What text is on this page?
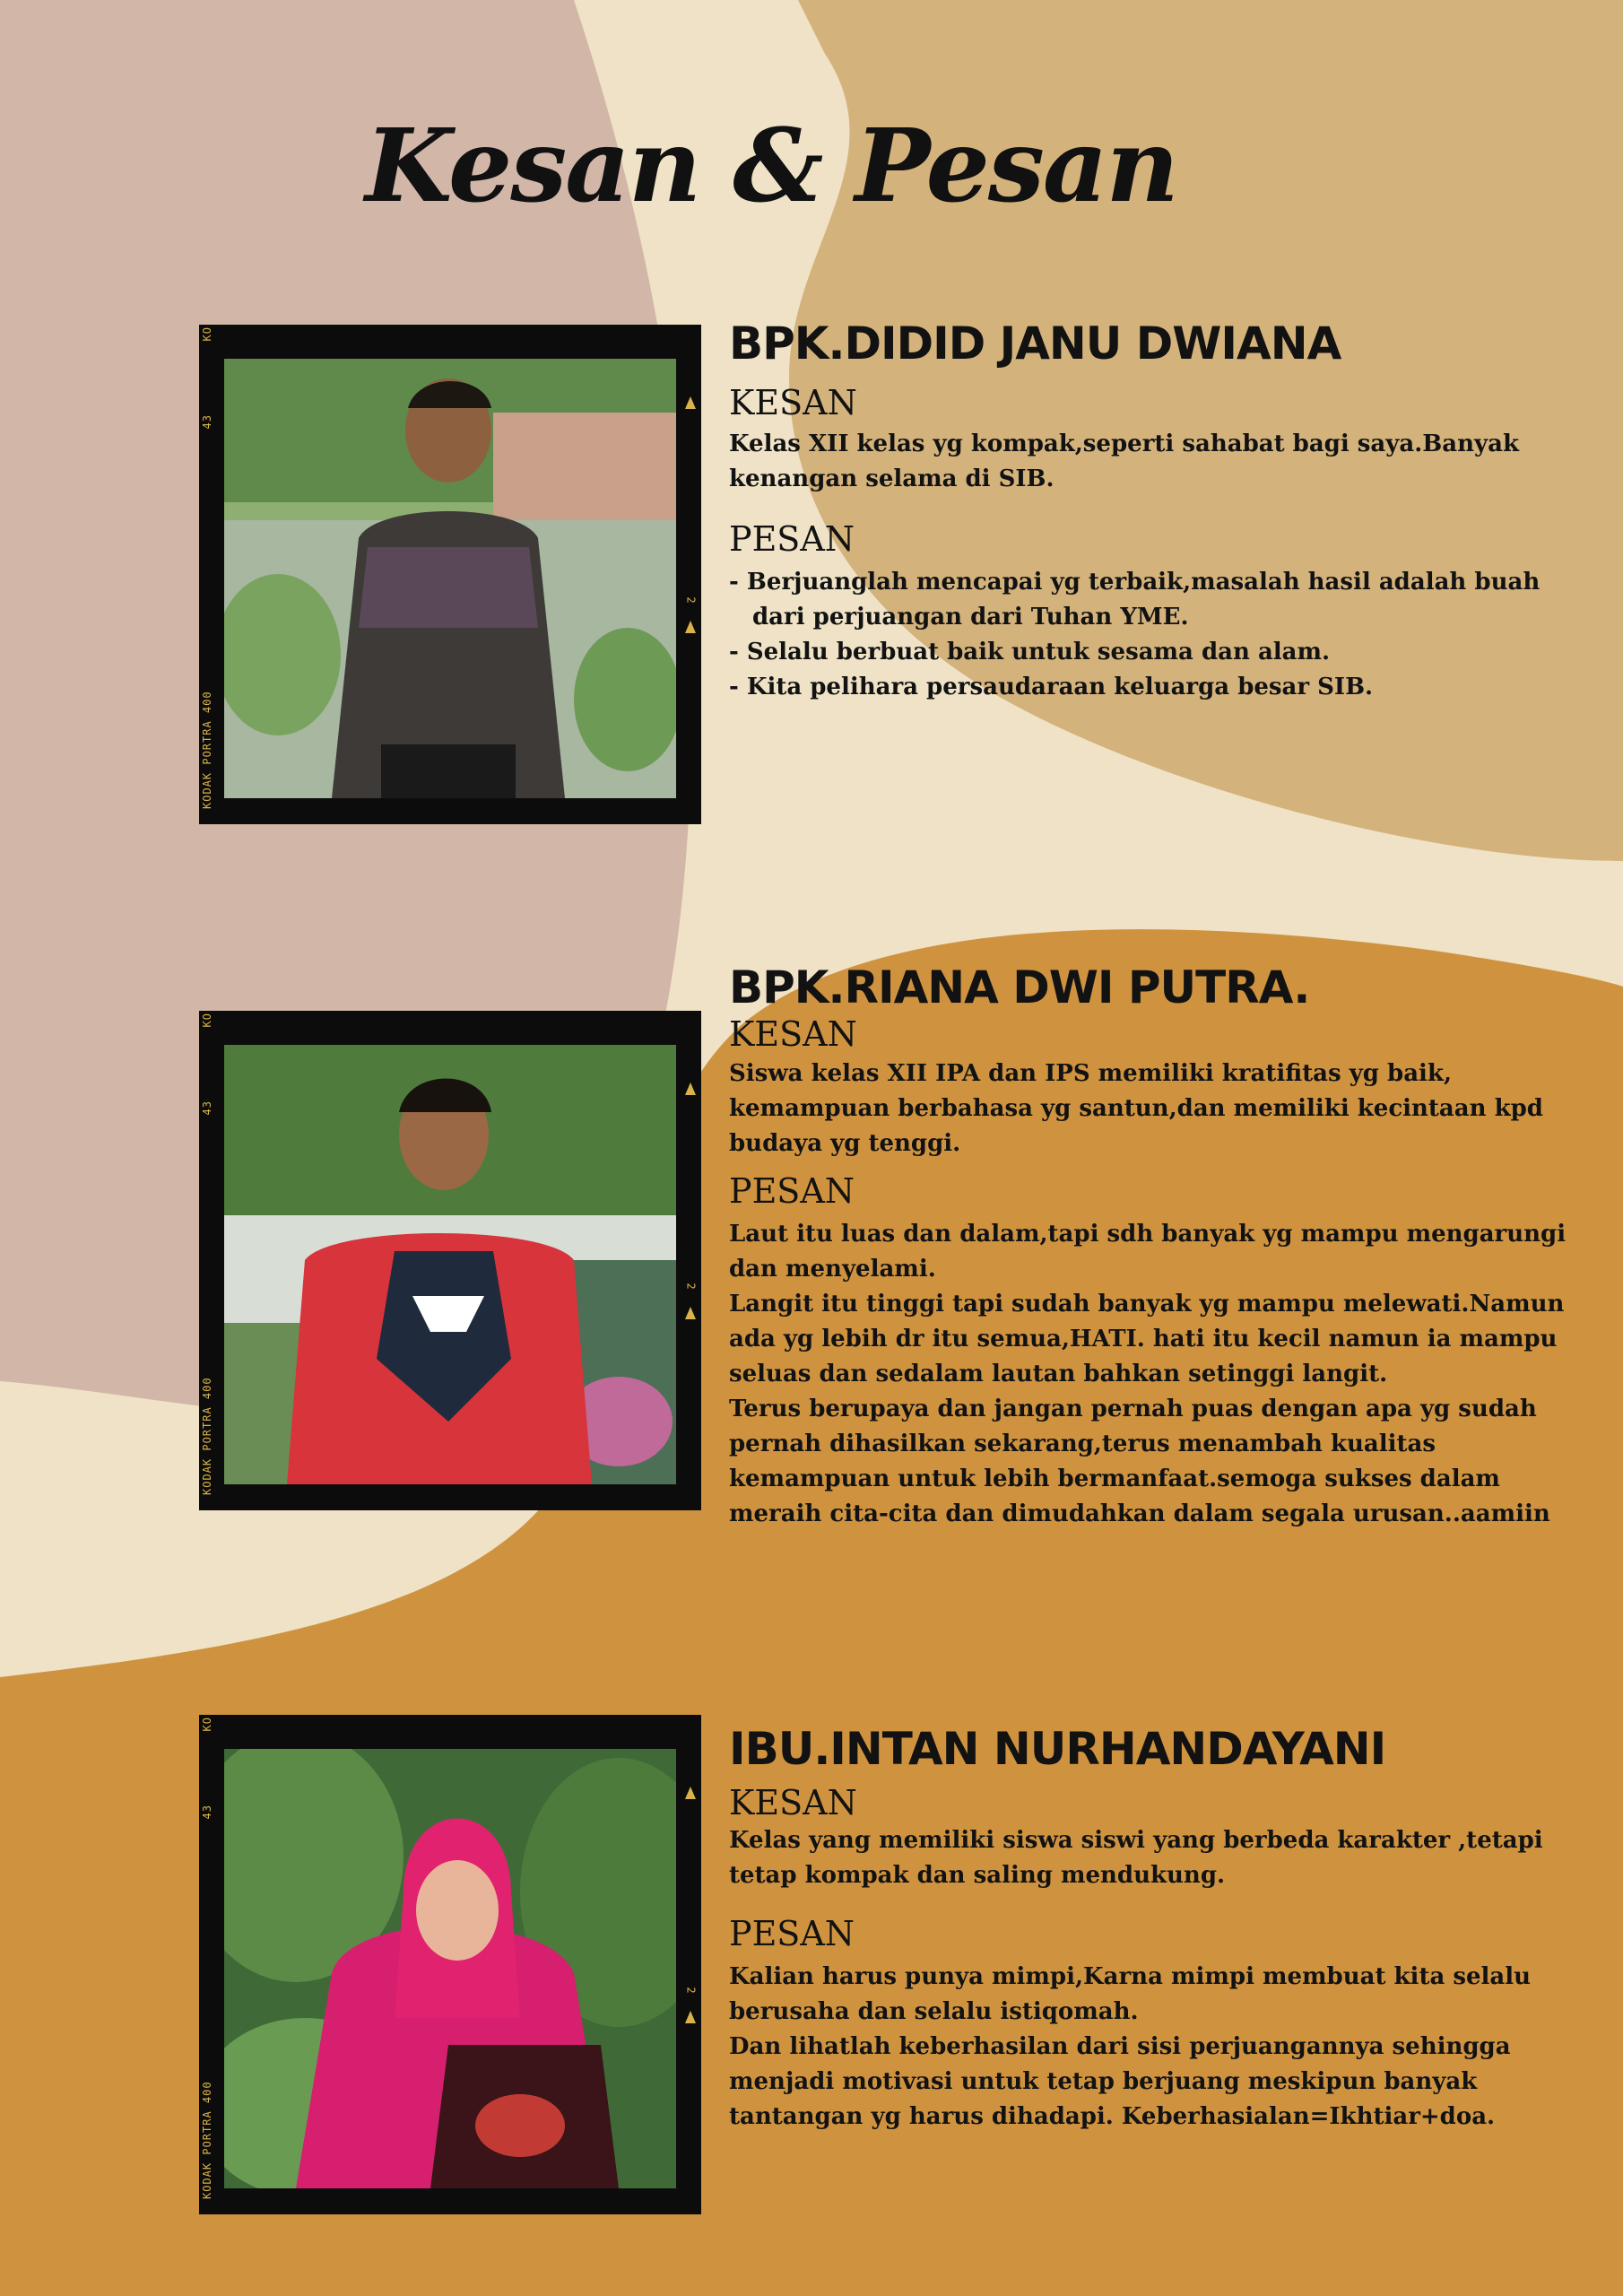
Kesan & Pesan
KO
43
KODAK PORTRA 400
2

BPK.DIDID JANU DWIANA

KESAN

Kelas XII kelas yg kompak,seperti sahabat bagi saya.Banyak

kenangan selama di SIB.

PESAN

- Berjuanglah mencapai yg terbaik,masalah hasil adalah buah

dari perjuangan dari Tuhan YME.

- Selalu berbuat baik untuk sesama dan alam.

- Kita pelihara persaudaraan keluarga besar SIB.

KO
43
KODAK PORTRA 400
2

BPK.RIANA DWI PUTRA.

KESAN

Siswa kelas XII IPA dan IPS memiliki kratifitas yg baik,

kemampuan berbahasa yg santun,dan memiliki kecintaan kpd

budaya yg tenggi.

PESAN

Laut itu luas dan dalam,tapi sdh banyak yg mampu mengarungi

dan menyelami.

Langit itu tinggi tapi sudah banyak yg mampu melewati.Namun

ada yg lebih dr itu semua,HATI. hati itu kecil namun ia mampu

seluas dan sedalam lautan bahkan setinggi langit.

Terus berupaya dan jangan pernah puas dengan apa yg sudah

pernah dihasilkan sekarang,terus menambah kualitas

kemampuan untuk lebih bermanfaat.semoga sukses dalam

meraih cita-cita dan dimudahkan dalam segala urusan..aamiin

KO
43
KODAK PORTRA 400
2

IBU.INTAN NURHANDAYANI

KESAN

Kelas yang memiliki siswa siswi yang berbeda karakter ,tetapi

tetap kompak dan saling mendukung.

PESAN

Kalian harus punya mimpi,Karna mimpi membuat kita selalu

berusaha dan selalu istiqomah.

Dan lihatlah keberhasilan dari sisi perjuangannya sehingga

menjadi motivasi untuk tetap berjuang meskipun banyak

tantangan yg harus dihadapi. Keberhasialan=Ikhtiar+doa.
